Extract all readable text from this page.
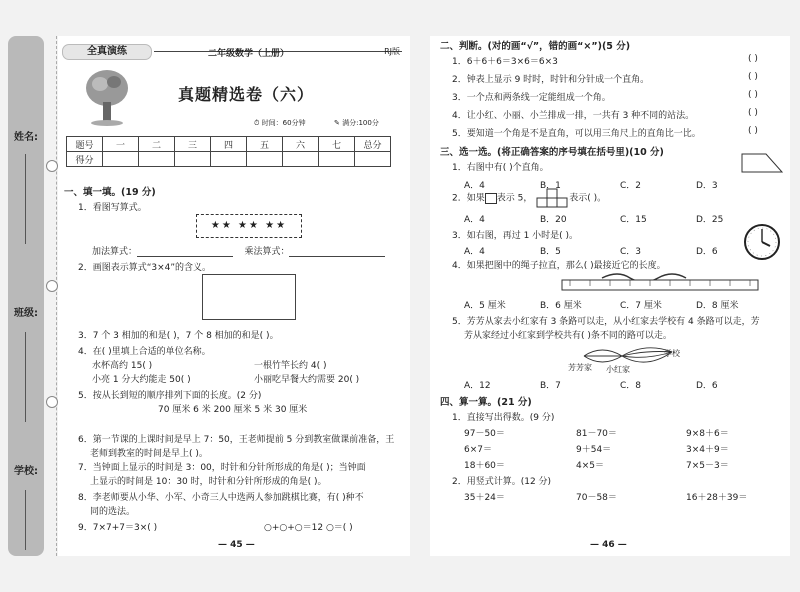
姓名:
班级:
学校:
全真演练	二年级数学（上册）	RJ版
真题精选卷（六）
⏱ 时间：60分钟	✎ 满分:100分
题号	一	二	三	四	五	六	七	总分
得分								
一、填一填。(19 分)
1．看图写算式。
★★ ★★ ★★
加法算式：	乘法算式：
2．画图表示算式“3×4”的含义。
3．7 个 3 相加的和是( )，7 个 8 相加的和是( )。
4．在( )里填上合适的单位名称。
水杯高约 15( )	一根竹竿长约 4( )
小亮 1 分大约能走 50( )	小丽吃早餐大约需要 20( )
5．按从长到短的顺序排列下面的长度。(2 分)
70 厘米 6 米 200 厘米 5 米 30 厘米
6．第一节课的上课时间是早上 7：50，王老师提前 5 分到教室做课前准备，王
老师到教室的时间是早上( )。
7．当钟面上显示的时间是 3：00，时针和分针所形成的角是( )；当钟面
上显示的时间是 10：30 时，时针和分针所形成的角是( )。
8．李老师要从小华、小军、小奇三人中选两人参加跳棋比赛，有( )种不
同的选法。
9．7×7+7＝3×( )	○+○+○＝12 ○＝( )
— 45 —
二、判断。(对的画“√”，错的画“×”)(5 分)
1．6＋6＋6＝3×6＝6×3
2．钟表上显示 9 时时，时针和分针成一个直角。
3．一个点和两条线一定能组成一个角。
4．让小红、小丽、小兰排成一排，一共有 3 种不同的站法。
5．要知道一个角是不是直角，可以用三角尺上的直角比一比。
( )
( )
( )
( )
( )
三、选一选。(将正确答案的序号填在括号里)(10 分)
1．右图中有( )个直角。
A．4	B．1	C．2	D．3
2．如果 表示 5，	表示( )。
A．4	B．20	C．15	D．25
3．如右图，再过 1 小时是( )。
A．4	B．5	C．3	D．6
4．如果把图中的绳子拉直，那么( )最接近它的长度。
A．5 厘米	B．6 厘米	C．7 厘米	D．8 厘米
5．芳芳从家去小红家有 3 条路可以走，从小红家去学校有 4 条路可以走，芳
芳从家经过小红家到学校共有( )条不同的路可以走。
芳芳家 小红家
学校
A．12	B．7	C．8	D．6
四、算一算。(21 分)
1．直接写出得数。(9 分)
97－50＝	81－70＝	9×8＋6＝
6×7＝	9＋54＝	3×4＋9＝
18＋60＝	4×5＝	7×5－3＝
2．用竖式计算。(12 分)
35＋24＝	70－58＝	16＋28＋39＝
— 46 —
